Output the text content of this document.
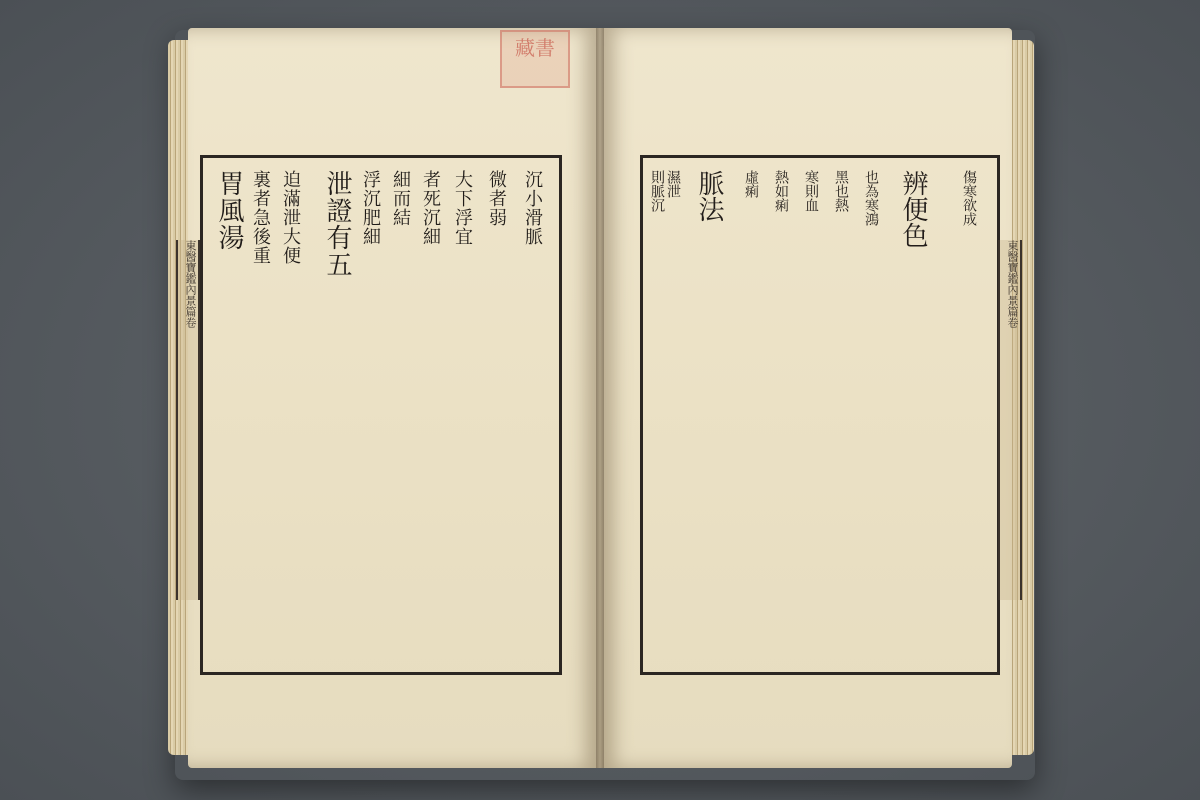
藏書
東醫寶鑑內景篇卷	東醫寶鑑內景篇卷
泄證有五
胃風湯 裏者急後重 迫滿泄大便	浮沉肥細 細而結 者死沉細 大下浮宜 微者弱 沉小滑脈	傷寒欲成
辨便色
也為寒鴻
黑也熱
寒則血
熱如痢
虛痢
脈法
濕泄
則脈沉
